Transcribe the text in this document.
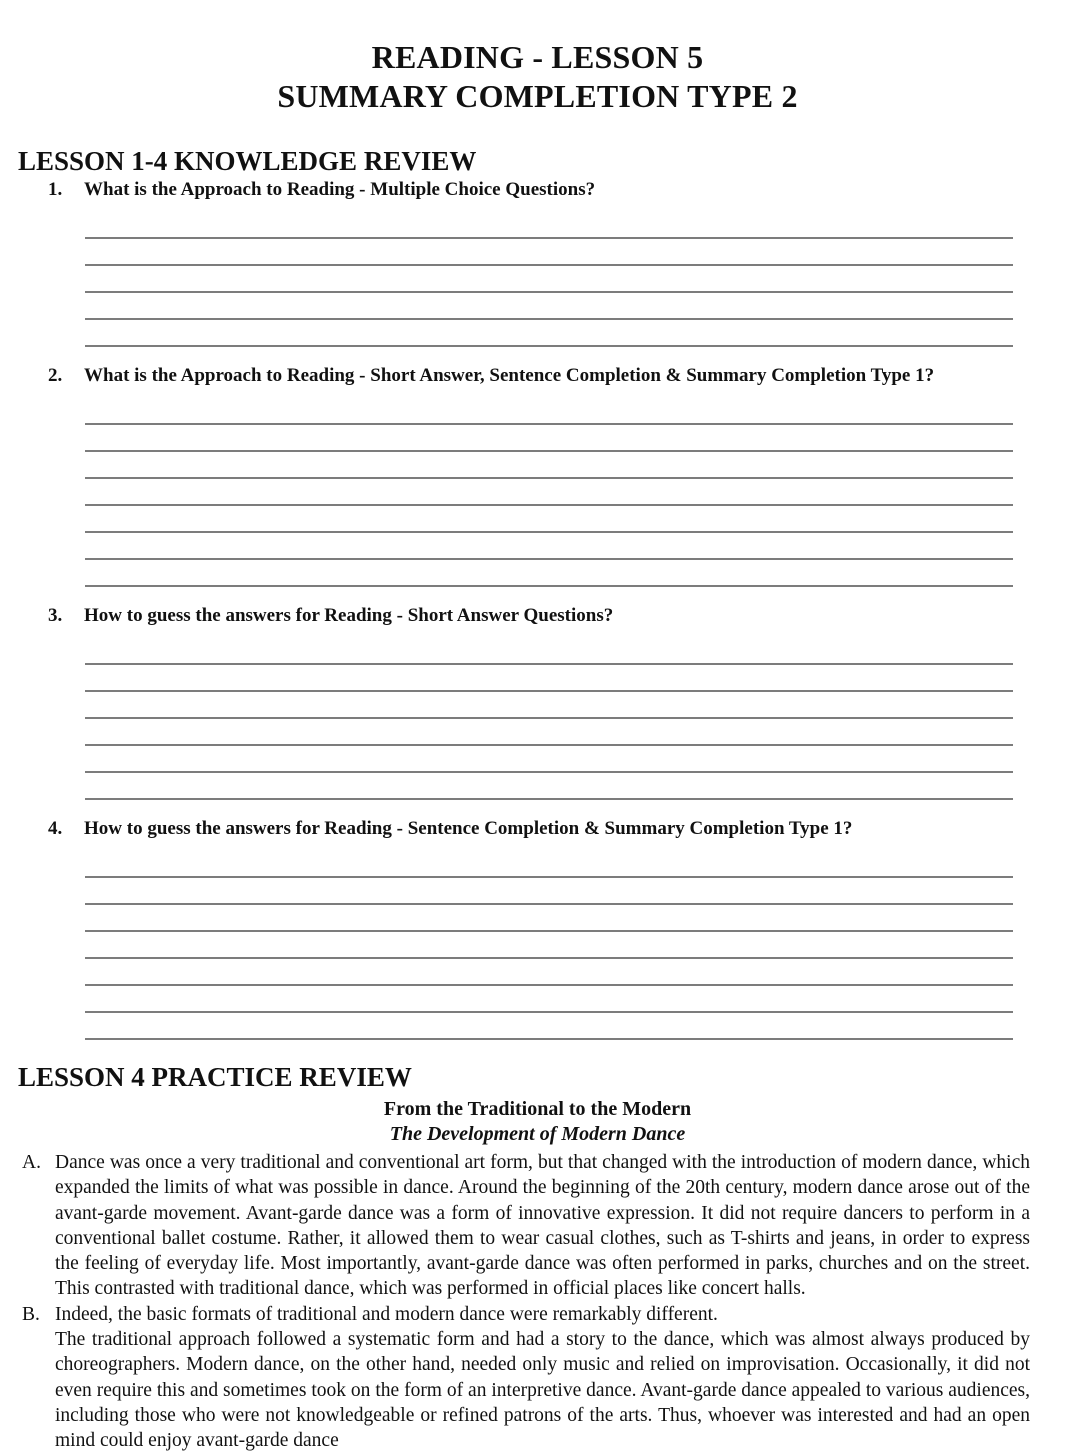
READING - LESSON 5
SUMMARY COMPLETION TYPE 2
LESSON 1-4 KNOWLEDGE REVIEW
1. What is the Approach to Reading - Multiple Choice Questions?
2. What is the Approach to Reading - Short Answer, Sentence Completion & Summary Completion Type 1?
3. How to guess the answers for Reading - Short Answer Questions?
4. How to guess the answers for Reading - Sentence Completion & Summary Completion Type 1?
LESSON 4 PRACTICE REVIEW
From the Traditional to the Modern
The Development of Modern Dance
A. Dance was once a very traditional and conventional art form, but that changed with the introduction of modern dance, which expanded the limits of what was possible in dance. Around the beginning of the 20th century, modern dance arose out of the avant-garde movement. Avant-garde dance was a form of innovative expression. It did not require dancers to perform in a conventional ballet costume. Rather, it allowed them to wear casual clothes, such as T-shirts and jeans, in order to express the feeling of everyday life. Most importantly, avant-garde dance was often performed in parks, churches and on the street. This contrasted with traditional dance, which was performed in official places like concert halls.
B. Indeed, the basic formats of traditional and modern dance were remarkably different.
The traditional approach followed a systematic form and had a story to the dance, which was almost always produced by choreographers. Modern dance, on the other hand, needed only music and relied on improvisation. Occasionally, it did not even require this and sometimes took on the form of an interpretive dance. Avant-garde dance appealed to various audiences, including those who were not knowledgeable or refined patrons of the arts. Thus, whoever was interested and had an open mind could enjoy avant-garde dance
